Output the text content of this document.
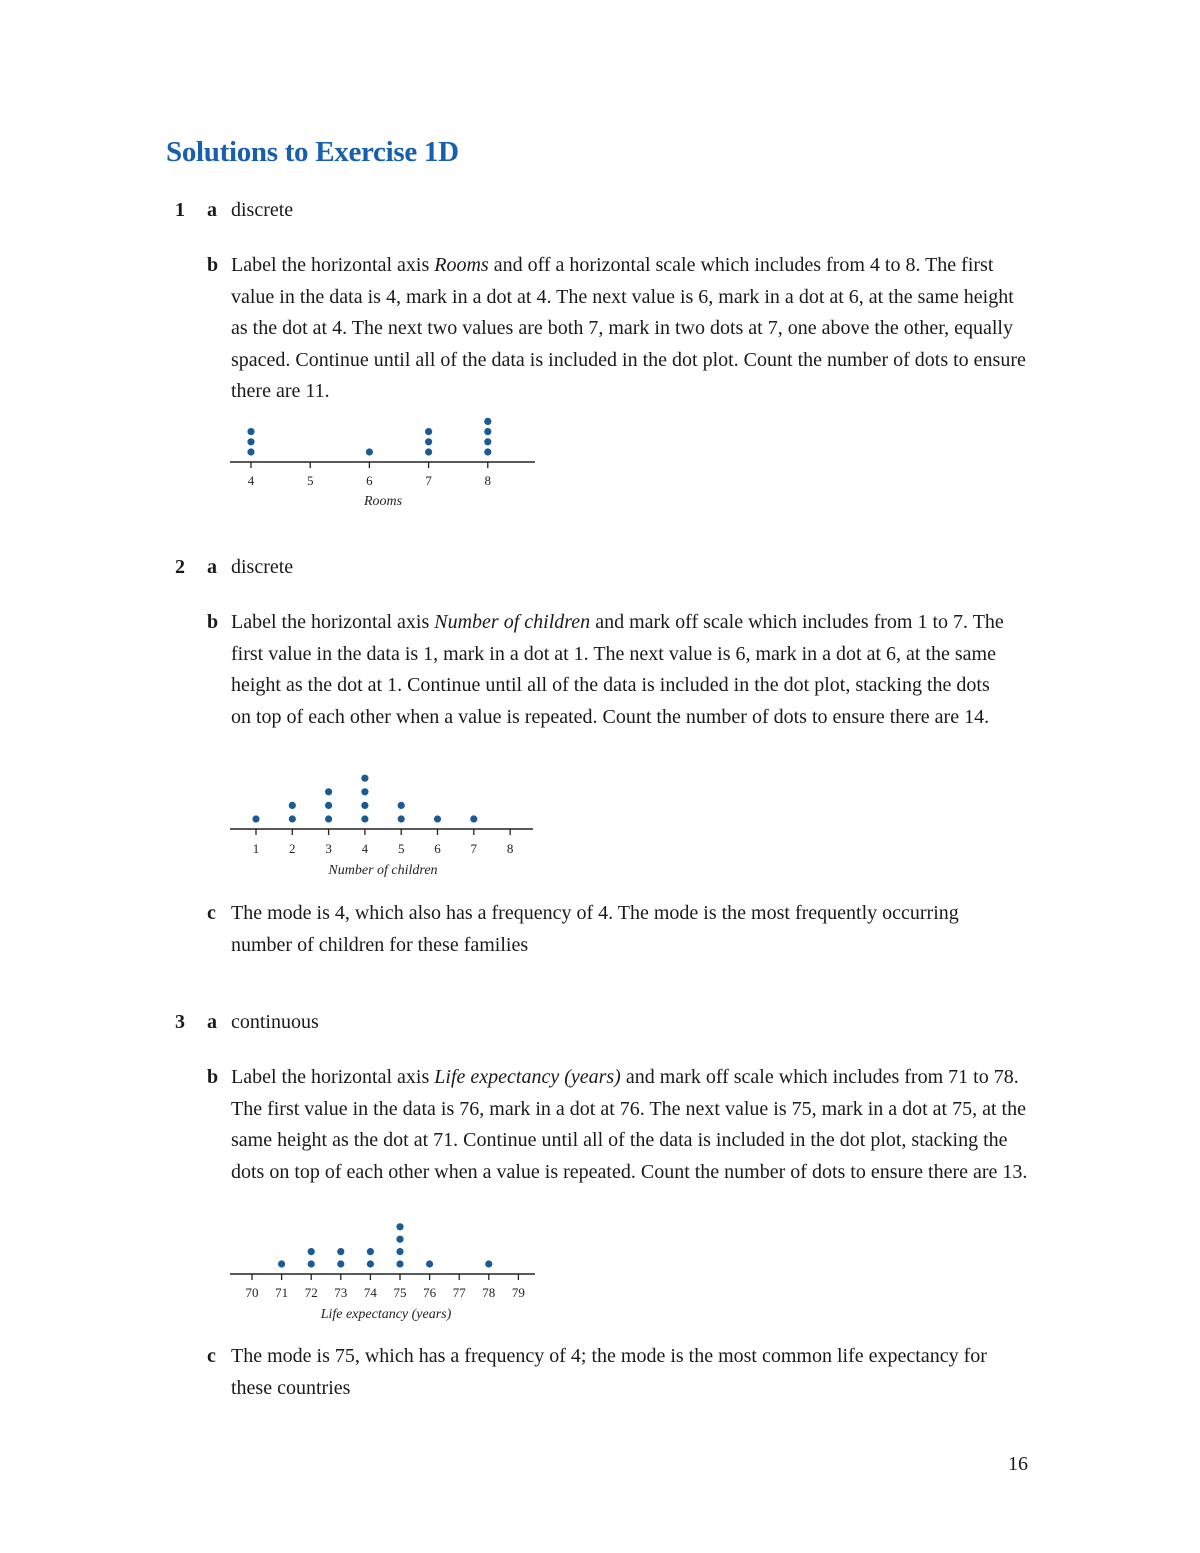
Solutions to Exercise 1D
1 a discrete
b Label the horizontal axis Rooms and off a horizontal scale which includes from 4 to 8. The first value in the data is 4, mark in a dot at 4. The next value is 6, mark in a dot at 6, at the same height as the dot at 4. The next two values are both 7, mark in two dots at 7, one above the other, equally spaced. Continue until all of the data is included in the dot plot. Count the number of dots to ensure there are 11.
4	5	6	7	8
Rooms
1 2 3 4 5 6 7 8
Number of children
70 71 72 73 74 75 76 77 78 79
Life expectancy (years)
2 a discrete
b Label the horizontal axis Number of children and mark off scale which includes from 1 to 7. The first value in the data is 1, mark in a dot at 1. The next value is 6, mark in a dot at 6, at the same height as the dot at 1. Continue until all of the data is included in the dot plot, stacking the dots on top of each other when a value is repeated. Count the number of dots to ensure there are 14.
c The mode is 4, which also has a frequency of 4. The mode is the most frequently occurring number of children for these families
3 a continuous
b Label the horizontal axis Life expectancy (years) and mark off scale which includes from 71 to 78. The first value in the data is 76, mark in a dot at 76. The next value is 75, mark in a dot at 75, at the same height as the dot at 71. Continue until all of the data is included in the dot plot, stacking the dots on top of each other when a value is repeated. Count the number of dots to ensure there are 13.
c The mode is 75, which has a frequency of 4; the mode is the most common life expectancy for these countries
16
